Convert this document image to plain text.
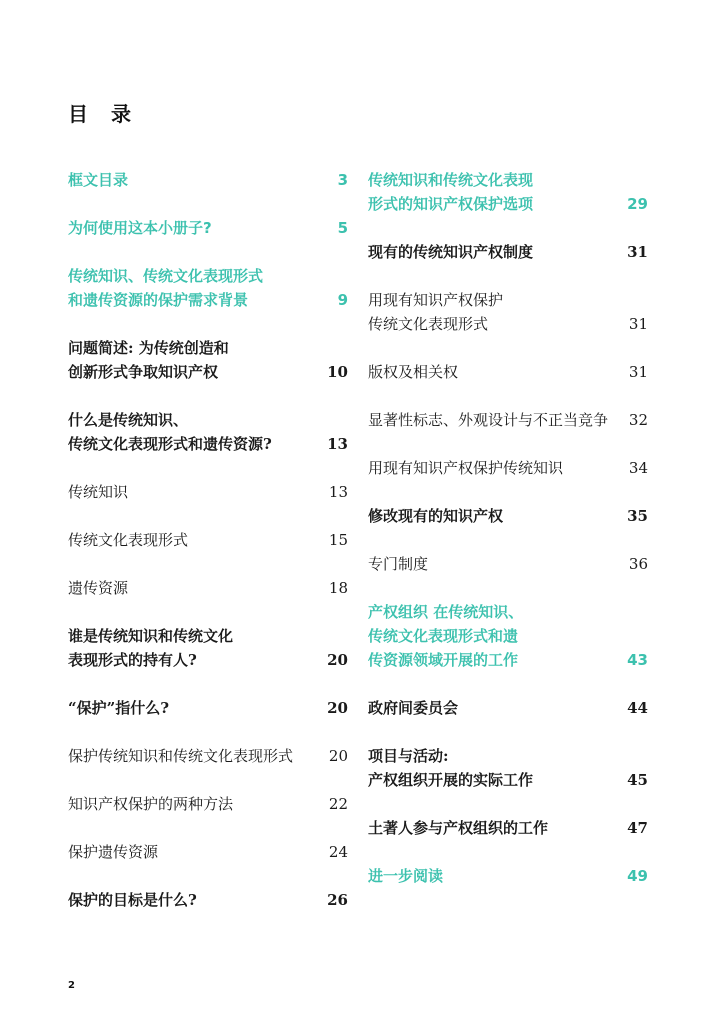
目 录
框文目录	3
为何使用这本小册子?	5
传统知识、传统文化表现形式
和遗传资源的保护需求背景	9
问题简述: 为传统创造和
创新形式争取知识产权	10
什么是传统知识、
传统文化表现形式和遗传资源?	13
传统知识	13
传统文化表现形式	15
遗传资源	18
谁是传统知识和传统文化
表现形式的持有人?	20
“保护”指什么?	20
保护传统知识和传统文化表现形式	20
知识产权保护的两种方法	22
保护遗传资源	24
保护的目标是什么?	26
传统知识和传统文化表现
形式的知识产权保护选项	29
现有的传统知识产权制度	31
用现有知识产权保护
传统文化表现形式	31
版权及相关权	31
显著性标志、外观设计与不正当竞争	32
用现有知识产权保护传统知识	34
修改现有的知识产权	35
专门制度	36
产权组织 在传统知识、
传统文化表现形式和遗
传资源领域开展的工作	43
政府间委员会	44
项目与活动:
产权组织开展的实际工作	45
土著人参与产权组织的工作	47
进一步阅读	49
2
